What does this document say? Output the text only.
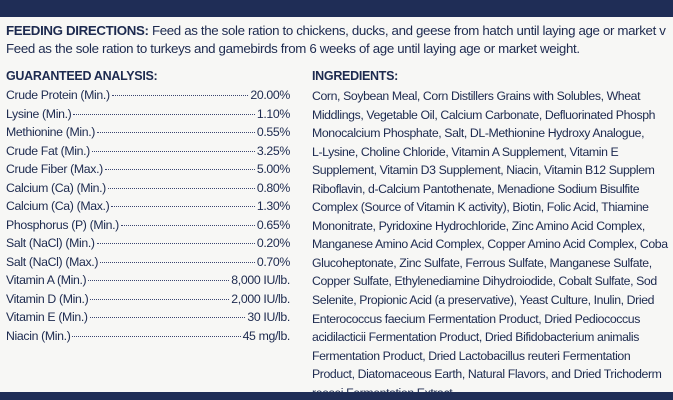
FEEDING DIRECTIONS: Feed as the sole ration to chickens, ducks, and geese from hatch until laying age or market v
Feed as the sole ration to turkeys and gamebirds from 6 weeks of age until laying age or market weight.
GUARANTEED ANALYSIS:
Crude Protein (Min.)	20.00%
Lysine (Min.)	1.10%
Methionine (Min.)	0.55%
Crude Fat (Min.)	3.25%
Crude Fiber (Max.)	5.00%
Calcium (Ca) (Min.)	0.80%
Calcium (Ca) (Max.)	1.30%
Phosphorus (P) (Min.)	0.65%
Salt (NaCl) (Min.)	0.20%
Salt (NaCl) (Max.)	0.70%
Vitamin A (Min.)	8,000 IU/lb.
Vitamin D (Min.)	2,000 IU/lb.
Vitamin E (Min.)	30 IU/lb.
Niacin (Min.)	45 mg/lb.
INGREDIENTS:
Corn, Soybean Meal, Corn Distillers Grains with Solubles, Wheat
Middlings, Vegetable Oil, Calcium Carbonate, Defluorinated Phosph
Monocalcium Phosphate, Salt, DL-Methionine Hydroxy Analogue,
L-Lysine, Choline Chloride, Vitamin A Supplement, Vitamin E
Supplement, Vitamin D3 Supplement, Niacin, Vitamin B12 Supplem
Riboflavin, d-Calcium Pantothenate, Menadione Sodium Bisulfite
Complex (Source of Vitamin K activity), Biotin, Folic Acid, Thiamine
Mononitrate, Pyridoxine Hydrochloride, Zinc Amino Acid Complex,
Manganese Amino Acid Complex, Copper Amino Acid Complex, Coba
Glucoheptonate, Zinc Sulfate, Ferrous Sulfate, Manganese Sulfate,
Copper Sulfate, Ethylenediamine Dihydroiodide, Cobalt Sulfate, Sod
Selenite, Propionic Acid (a preservative), Yeast Culture, Inulin, Dried
Enterococcus faecium Fermentation Product, Dried Pediococcus
acidilacticii Fermentation Product, Dried Bifidobacterium animalis
Fermentation Product, Dried Lactobacillus reuteri Fermentation
Product, Diatomaceous Earth, Natural Flavors, and Dried Trichoderm
